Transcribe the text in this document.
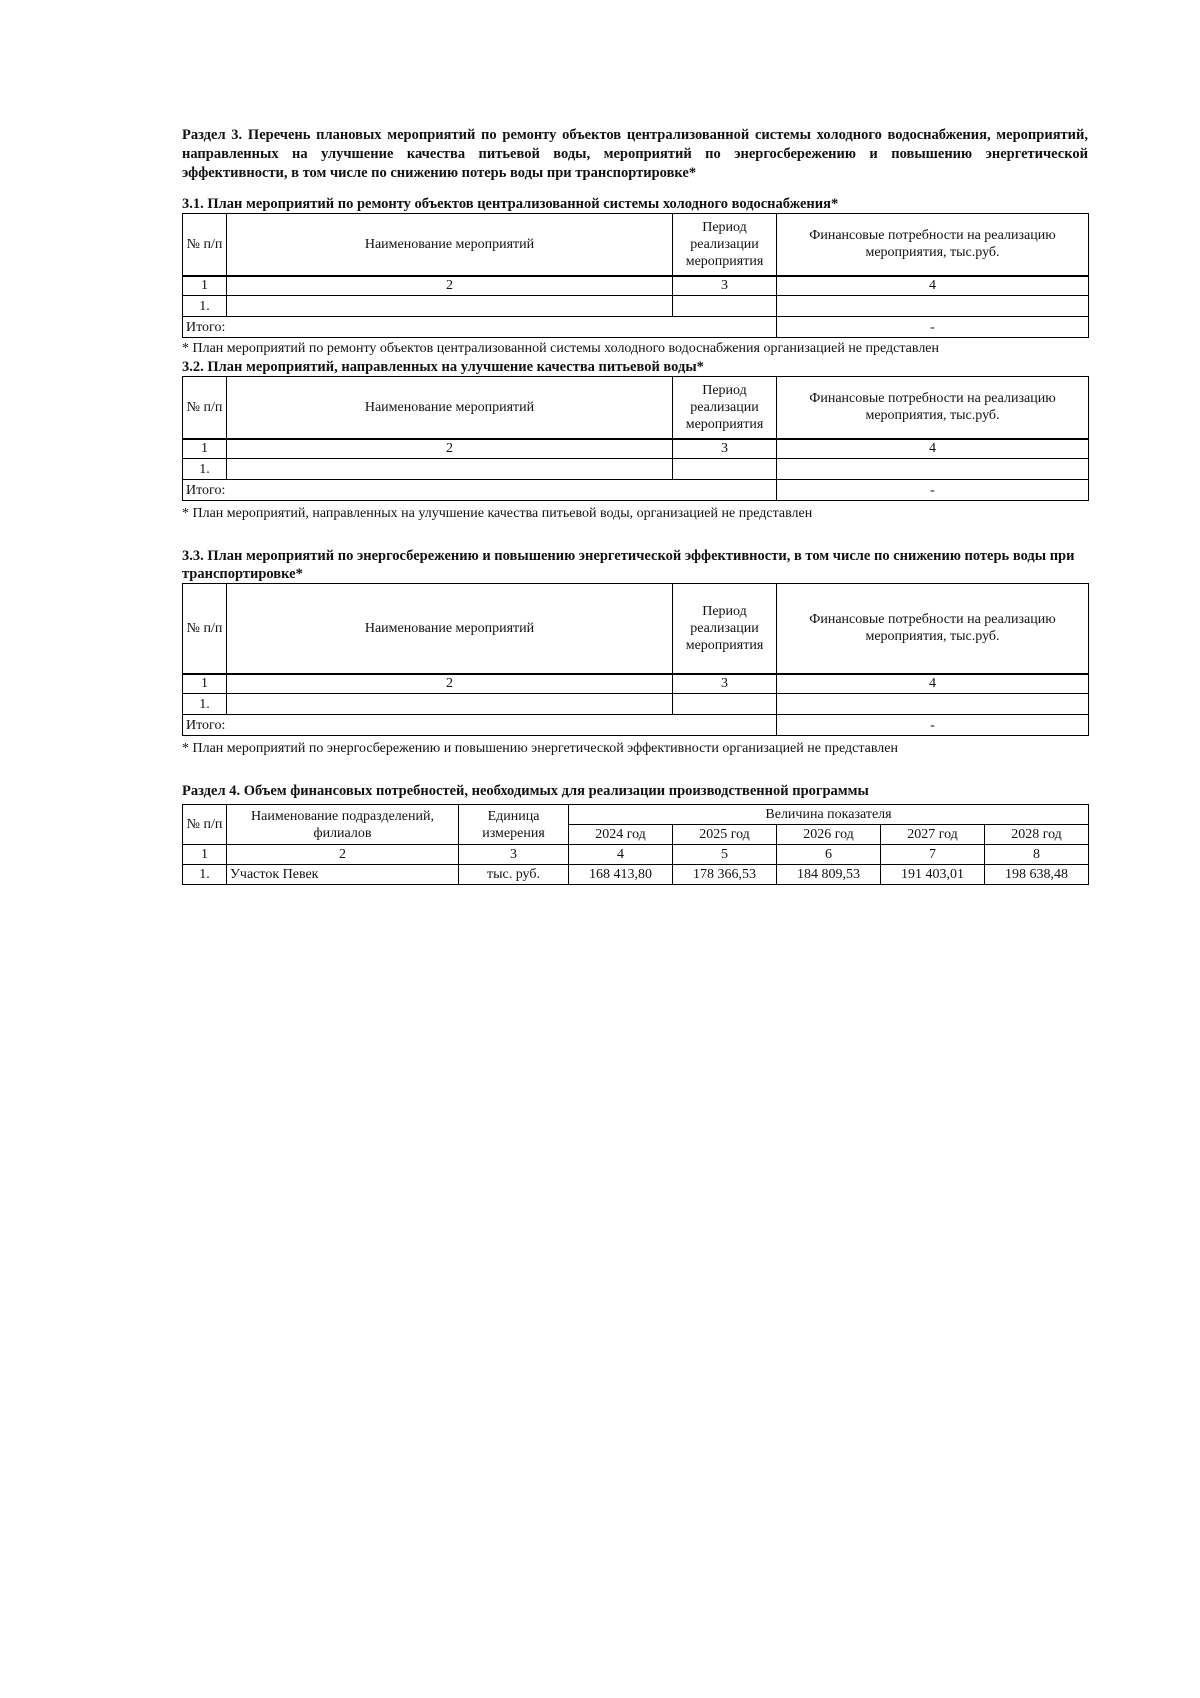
Раздел 3. Перечень плановых мероприятий по ремонту объектов централизованной системы холодного водоснабжения, мероприятий, направленных на улучшение качества питьевой воды, мероприятий по энергосбережению и повышению энергетической эффективности, в том числе по снижению потерь воды при транспортировке*
3.1. План мероприятий по ремонту объектов централизованной системы холодного водоснабжения*
№ п/п	Наименование мероприятий	Период реализации мероприятия	Финансовые потребности на реализацию мероприятия, тыс.руб.
1	2	3	4
1.			
Итого:			-
* План мероприятий по ремонту объектов централизованной системы холодного водоснабжения организацией не представлен
3.2. План мероприятий, направленных на улучшение качества питьевой воды*
№ п/п	Наименование мероприятий	Период реализации мероприятия	Финансовые потребности на реализацию мероприятия, тыс.руб.
1	2	3	4
1.			
Итого:			-
* План мероприятий, направленных на улучшение качества питьевой воды, организацией не представлен
3.3. План мероприятий по энергосбережению и повышению энергетической эффективности, в том числе по снижению потерь воды при транспортировке*
№ п/п	Наименование мероприятий	Период реализации мероприятия	Финансовые потребности на реализацию мероприятия, тыс.руб.
1	2	3	4
1.			
Итого:			-
* План мероприятий по энергосбережению и повышению энергетической эффективности организацией не представлен
Раздел 4. Объем финансовых потребностей, необходимых для реализации производственной программы
№ п/п	Наименование подразделений, филиалов	Единица измерения	Величина показателя				
			2024 год	2025 год	2026 год	2027 год	2028 год
1	2	3	4	5	6	7	8
1.	Участок Певек	тыс. руб.	168 413,80	178 366,53	184 809,53	191 403,01	198 638,48
